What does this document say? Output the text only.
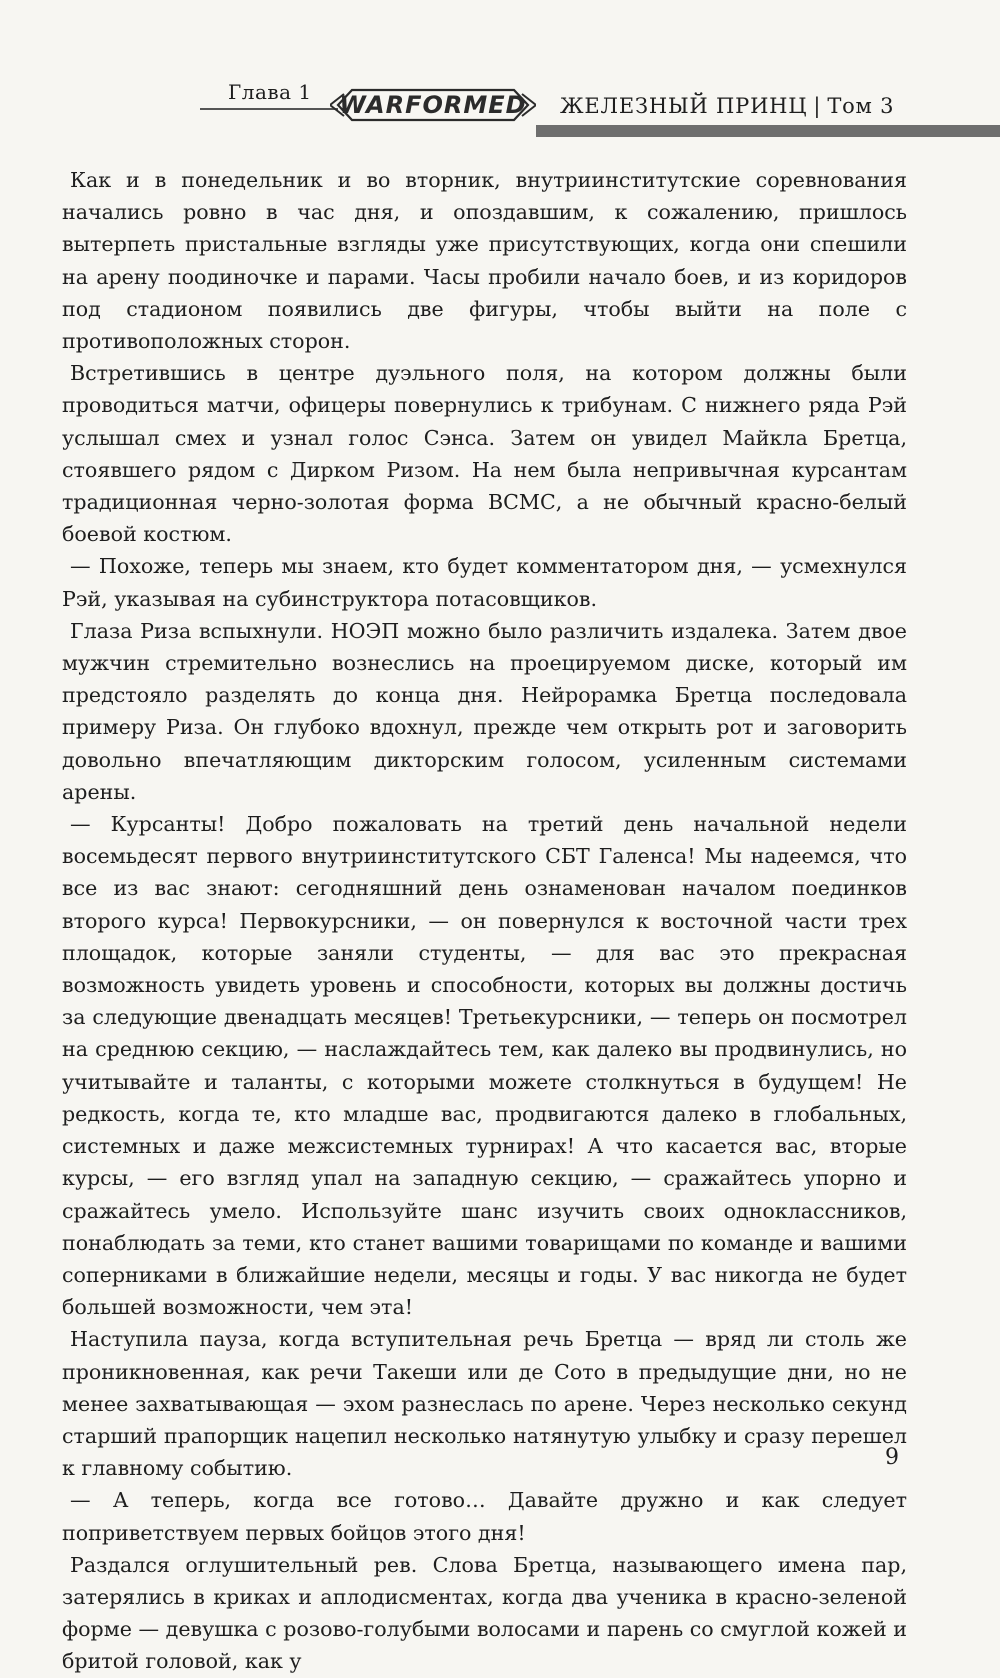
Глава 1 WARFORMED ЖЕЛЕЗНЫЙ ПРИНЦ | Том 3

Как и в понедельник и во вторник, внутриинститутские соревнования начались ровно в час дня, и опоздавшим, к сожалению, пришлось вытерпеть пристальные взгляды уже присутствующих, когда они спешили на арену поодиночке и парами. Часы пробили начало боев, и из коридоров под стадионом появились две фигуры, чтобы выйти на поле с противоположных сторон.

Встретившись в центре дуэльного поля, на котором должны были проводиться матчи, офицеры повернулись к трибунам. С нижнего ряда Рэй услышал смех и узнал голос Сэнса. Затем он увидел Майкла Бретца, стоявшего рядом с Дирком Ризом. На нем была непривычная курсантам традиционная черно-золотая форма ВСМС, а не обычный красно-белый боевой костюм.

— Похоже, теперь мы знаем, кто будет комментатором дня, — усмехнулся Рэй, указывая на субинструктора потасовщиков.

Глаза Риза вспыхнули. НОЭП можно было различить издалека. Затем двое мужчин стремительно вознеслись на проецируемом диске, который им предстояло разделять до конца дня. Нейрорамка Бретца последовала примеру Риза. Он глубоко вдохнул, прежде чем открыть рот и заговорить довольно впечатляющим дикторским голосом, усиленным системами арены.

— Курсанты! Добро пожаловать на третий день начальной недели восемьдесят первого внутриинститутского СБТ Галенса! Мы надеемся, что все из вас знают: сегодняшний день ознаменован началом поединков второго курса! Первокурсники, — он повернулся к восточной части трех площадок, которые заняли студенты, — для вас это прекрасная возможность увидеть уровень и способности, которых вы должны достичь за следующие двенадцать месяцев! Третьекурсники, — теперь он посмотрел на среднюю секцию, — наслаждайтесь тем, как далеко вы продвинулись, но учитывайте и таланты, с которыми можете столкнуться в будущем! Не редкость, когда те, кто младше вас, продвигаются далеко в глобальных, системных и даже межсистемных турнирах! А что касается вас, вторые курсы, — его взгляд упал на западную секцию, — сражайтесь упорно и сражайтесь умело. Используйте шанс изучить своих одноклассников, понаблюдать за теми, кто станет вашими товарищами по команде и вашими соперниками в ближайшие недели, месяцы и годы. У вас никогда не будет большей возможности, чем эта!

Наступила пауза, когда вступительная речь Бретца — вряд ли столь же проникновенная, как речи Такеши или де Сото в предыдущие дни, но не менее захватывающая — эхом разнеслась по арене. Через несколько секунд старший прапорщик нацепил несколько натянутую улыбку и сразу перешел к главному событию.

— А теперь, когда все готово… Давайте дружно и как следует поприветствуем первых бойцов этого дня!

Раздался оглушительный рев. Слова Бретца, называющего имена пар, затерялись в криках и аплодисментах, когда два ученика в красно-зеленой форме — девушка с розово-голубыми волосами и парень со смуглой кожей и бритой головой, как у

9
